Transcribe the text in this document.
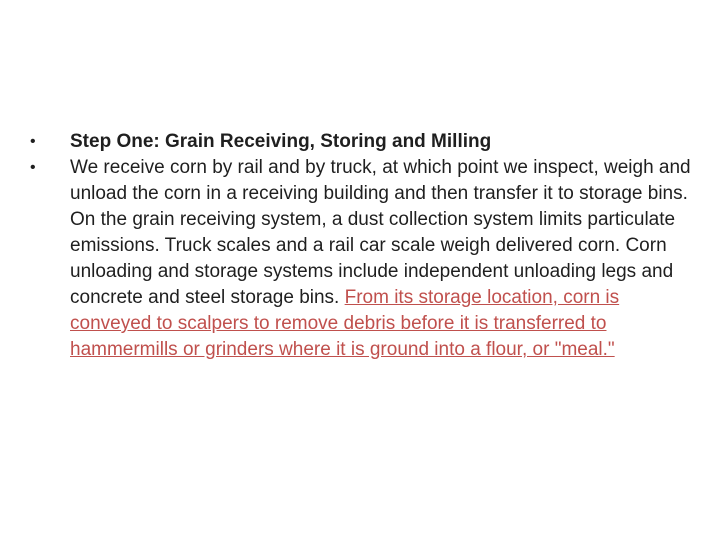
•	Step One: Grain Receiving, Storing and Milling
•	We receive corn by rail and by truck, at which point we inspect, weigh and unload the corn in a receiving building and then transfer it to storage bins. On the grain receiving system, a dust collection system limits particulate emissions. Truck scales and a rail car scale weigh delivered corn. Corn unloading and storage systems include independent unloading legs and concrete and steel storage bins. From its storage location, corn is conveyed to scalpers to remove debris before it is transferred to hammermills or grinders where it is ground into a flour, or "meal."
